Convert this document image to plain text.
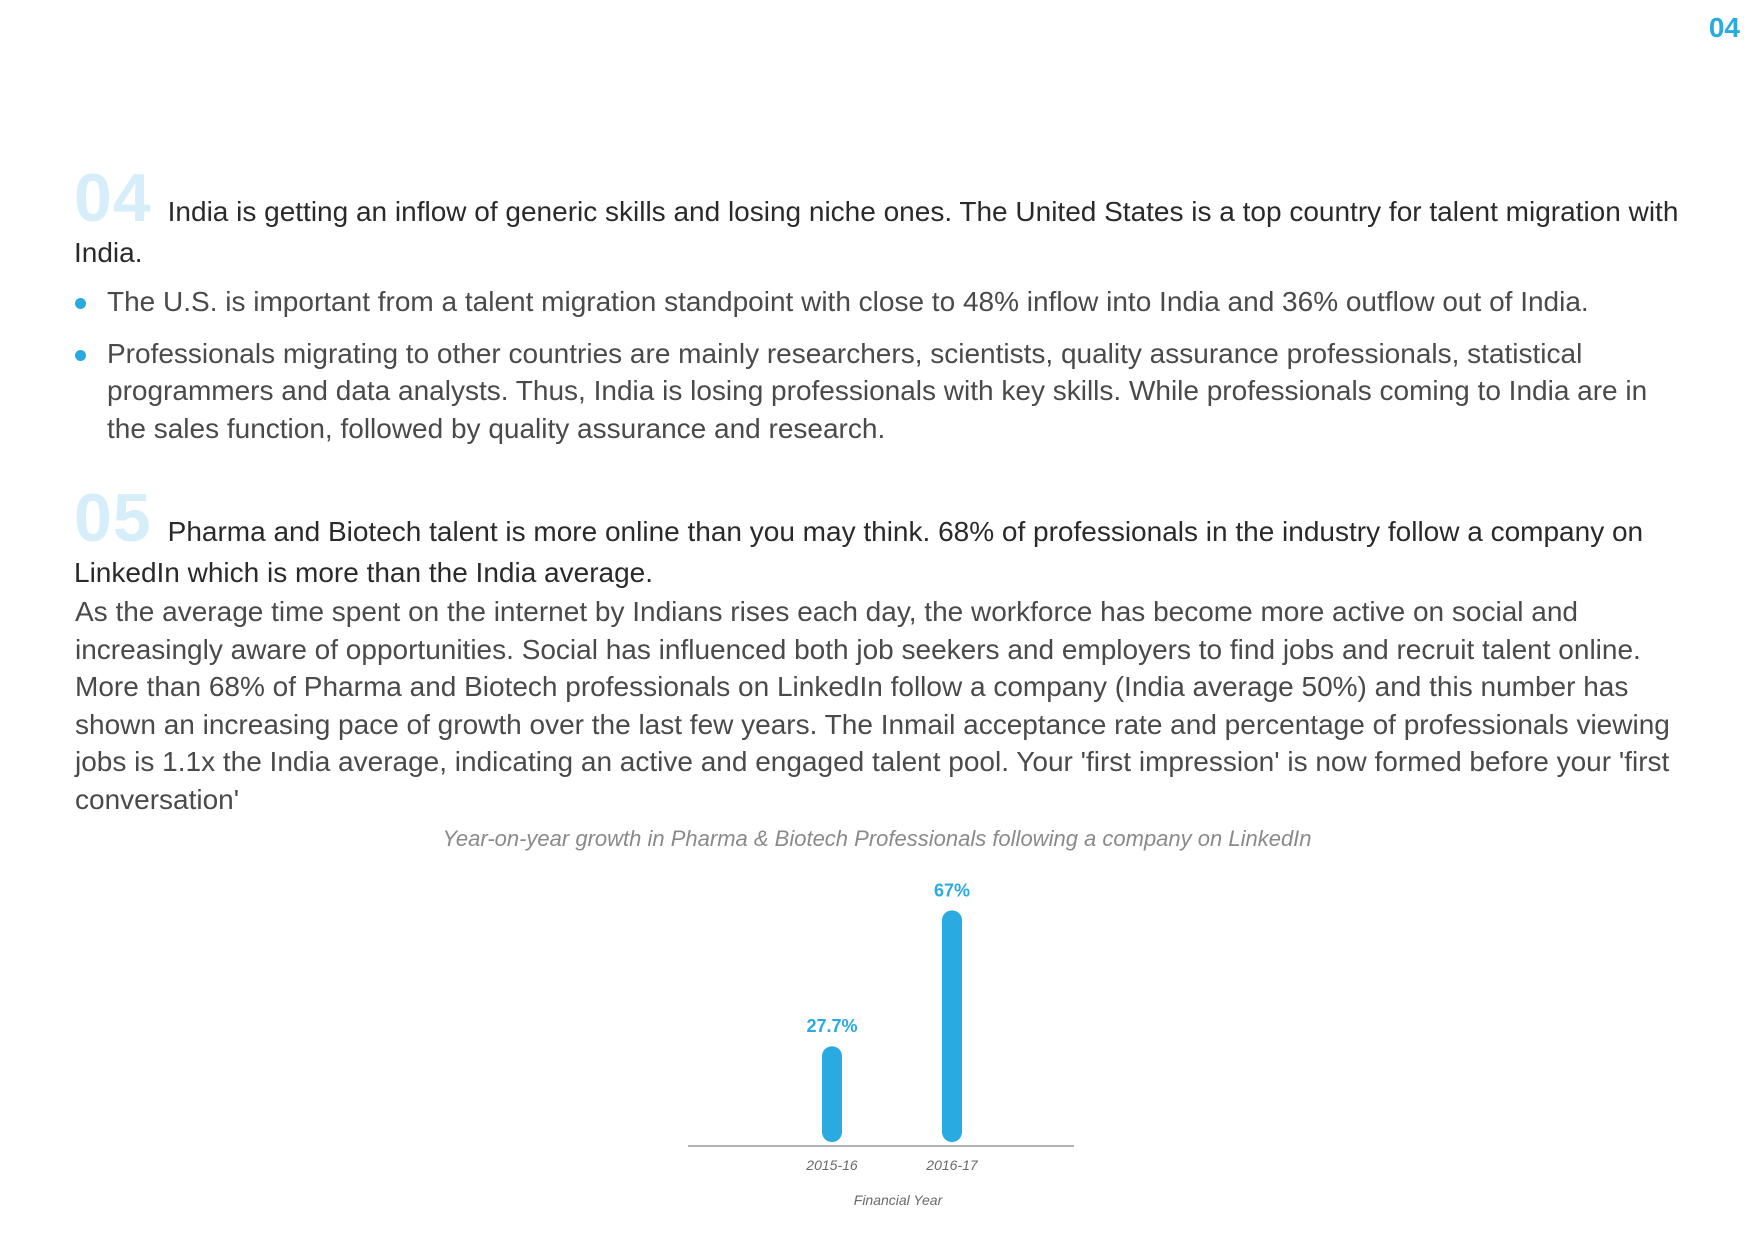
04

04 India is getting an inflow of generic skills and losing niche ones. The United States is a top country for talent migration with India.

The U.S. is important from a talent migration standpoint with close to 48% inflow into India and 36% outflow out of India.
Professionals migrating to other countries are mainly researchers, scientists, quality assurance professionals, statistical programmers and data analysts. Thus, India is losing professionals with key skills. While professionals coming to India are in the sales function, followed by quality assurance and research.

05 Pharma and Biotech talent is more online than you may think. 68% of professionals in the industry follow a company on LinkedIn which is more than the India average.

As the average time spent on the internet by Indians rises each day, the workforce has become more active on social and increasingly aware of opportunities. Social has influenced both job seekers and employers to find jobs and recruit talent online. More than 68% of Pharma and Biotech professionals on LinkedIn follow a company (India average 50%) and this number has shown an increasing pace of growth over the last few years. The Inmail acceptance rate and percentage of professionals viewing jobs is 1.1x the India average, indicating an active and engaged talent pool. Your 'first impression' is now formed before your 'first conversation'

Year-on-year growth in Pharma & Biotech Professionals following a company on LinkedIn
27.7%
2015-16
67%
2016-17
Financial Year
